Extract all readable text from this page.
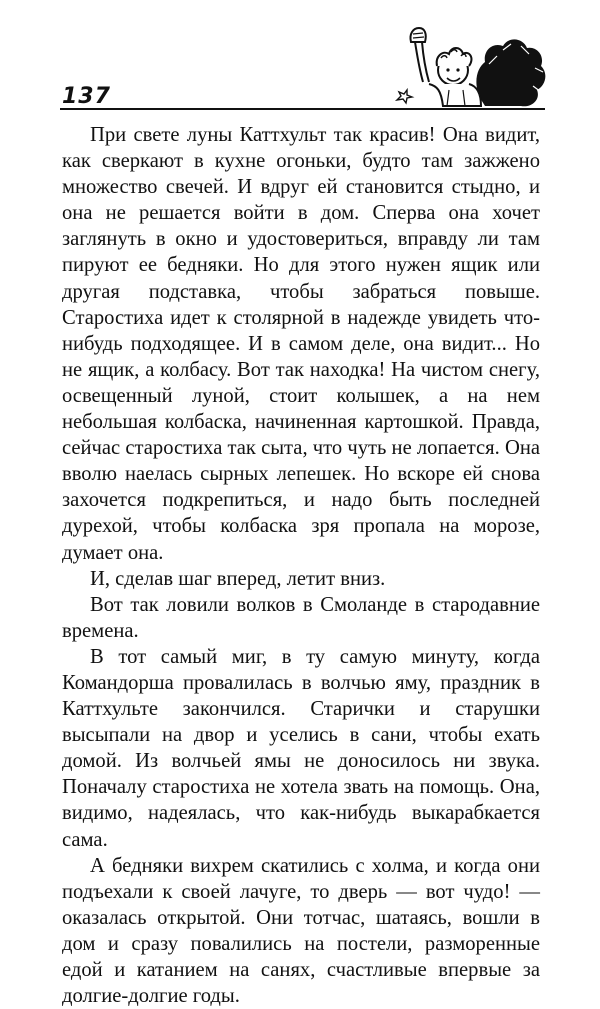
137

При свете луны Каттхульт так красив! Она видит, как сверкают в кухне огоньки, будто там зажжено множество свечей. И вдруг ей становится стыдно, и она не решается войти в дом. Сперва она хочет заглянуть в окно и удостовериться, вправду ли там пируют ее бедняки. Но для этого нужен ящик или другая подставка, чтобы забраться повыше. Старостиха идет к столярной в надежде увидеть что-нибудь подходящее. И в самом деле, она видит... Но не ящик, а колбасу. Вот так находка! На чистом снегу, освещенный луной, стоит колышек, а на нем небольшая колбаска, начиненная картошкой. Правда, сейчас старостиха так сыта, что чуть не лопается. Она вволю наелась сырных лепешек. Но вскоре ей снова захочется подкрепиться, и надо быть последней дурехой, чтобы колбаска зря пропала на морозе, думает она.

И, сделав шаг вперед, летит вниз.

Вот так ловили волков в Смоланде в стародавние времена.

В тот самый миг, в ту самую минуту, когда Командорша провалилась в волчью яму, праздник в Каттхульте закончился. Старички и старушки высыпали на двор и уселись в сани, чтобы ехать домой. Из волчьей ямы не доносилось ни звука. Поначалу старостиха не хотела звать на помощь. Она, видимо, надеялась, что как-нибудь выкарабкается сама.

А бедняки вихрем скатились с холма, и когда они подъехали к своей лачуге, то дверь — вот чудо! — оказалась открытой. Они тотчас, шатаясь, вошли в дом и сразу повалились на постели, разморенные едой и катанием на санях, счастливые впервые за долгие-долгие годы.
